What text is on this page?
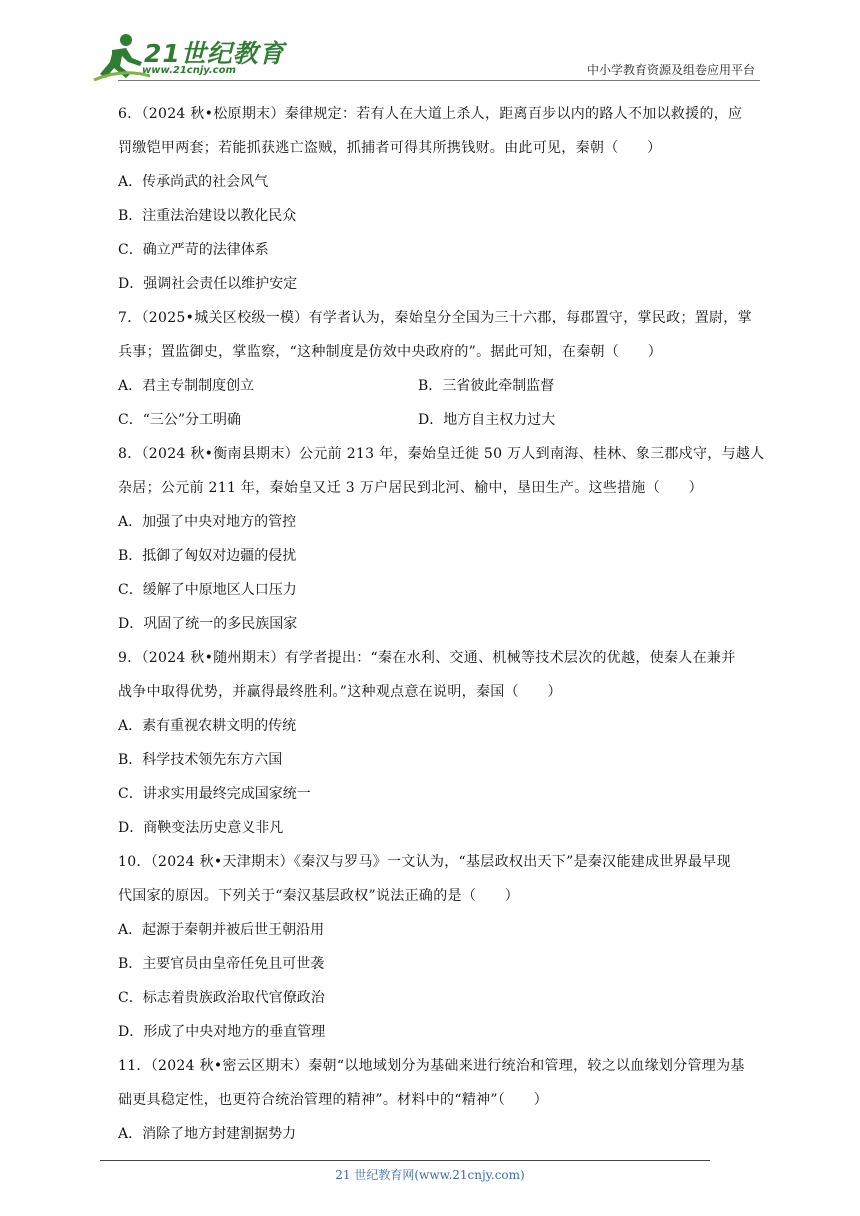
21世纪教育
www.21cnjy.com	中小学教育资源及组卷应用平台
6．（2024 秋•松原期末）秦律规定：若有人在大道上杀人，距离百步以内的路人不加以救援的，应
罚缴铠甲两套；若能抓获逃亡盗贼，抓捕者可得其所携钱财。由此可见，秦朝（　　）
A．传承尚武的社会风气
B．注重法治建设以教化民众
C．确立严苛的法律体系
D．强调社会责任以维护安定
7．（2025•城关区校级一模）有学者认为，秦始皇分全国为三十六郡，每郡置守，掌民政；置尉，掌
兵事；置监御史，掌监察，“这种制度是仿效中央政府的”。据此可知，在秦朝（　　）
A．君主专制制度创立	B．三省彼此牵制监督
C．“三公”分工明确	D．地方自主权力过大
8．（2024 秋•衡南县期末）公元前 213 年，秦始皇迁徙 50 万人到南海、桂林、象三郡戍守，与越人
杂居；公元前 211 年，秦始皇又迁 3 万户居民到北河、榆中，垦田生产。这些措施（　　）
A．加强了中央对地方的管控
B．抵御了匈奴对边疆的侵扰
C．缓解了中原地区人口压力
D．巩固了统一的多民族国家
9．（2024 秋•随州期末）有学者提出：“秦在水利、交通、机械等技术层次的优越，使秦人在兼并
战争中取得优势，并赢得最终胜利。”这种观点意在说明，秦国（　　）
A．素有重视农耕文明的传统
B．科学技术领先东方六国
C．讲求实用最终完成国家统一
D．商鞅变法历史意义非凡
10．（2024 秋•天津期末）《秦汉与罗马》一文认为，“基层政权出天下”是秦汉能建成世界最早现
代国家的原因。下列关于“秦汉基层政权”说法正确的是（　　）
A．起源于秦朝并被后世王朝沿用
B．主要官员由皇帝任免且可世袭
C．标志着贵族政治取代官僚政治
D．形成了中央对地方的垂直管理
11．（2024 秋•密云区期末）秦朝“以地域划分为基础来进行统治和管理，较之以血缘划分管理为基
础更具稳定性，也更符合统治管理的精神”。材料中的“精神”（　　）
A．消除了地方封建割据势力
21 世纪教育网(www.21cnjy.com)
